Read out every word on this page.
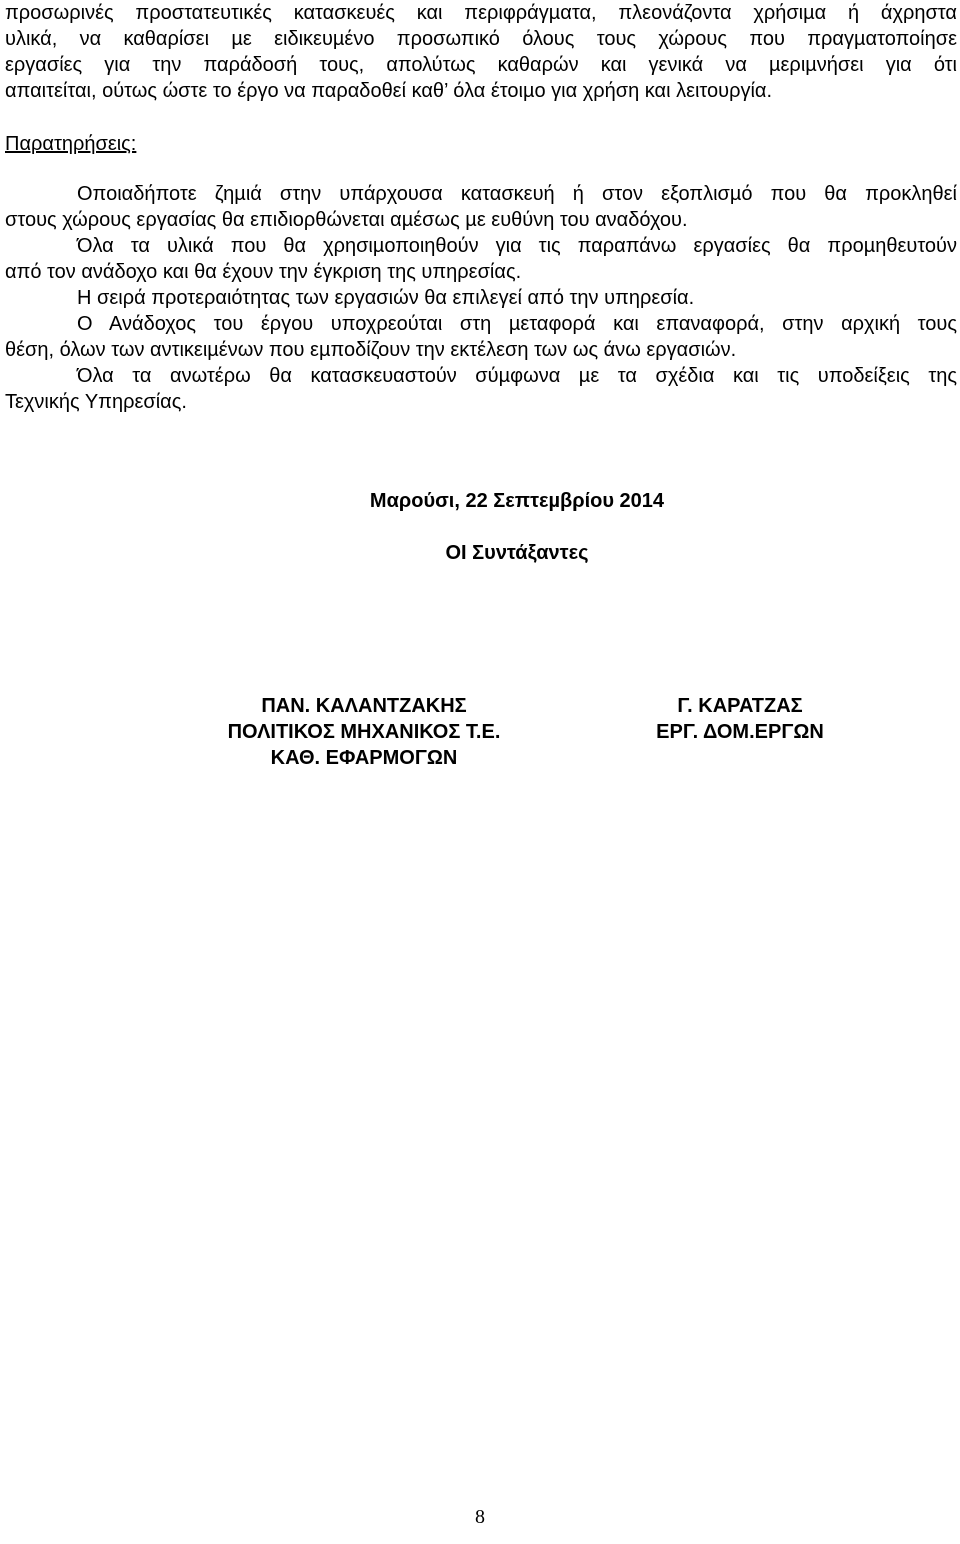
προσωρινές προστατευτικές κατασκευές και περιφράγµατα, πλεονάζοντα χρήσιµα ή άχρηστα
υλικά, να καθαρίσει µε ειδικευµένο προσωπικό όλους τους χώρους που πραγµατοποίησε
εργασίες για την παράδοσή τους, απολύτως καθαρών και γενικά να µεριµνήσει για ότι
απαιτείται, ούτως ώστε το έργο να παραδοθεί καθ’ όλα έτοιµο για χρήση και λειτουργία.
Παρατηρήσεις:

Οποιαδήποτε ζηµιά στην υπάρχουσα κατασκευή ή στον εξοπλισµό που θα προκληθεί
στους χώρους εργασίας θα επιδιορθώνεται αµέσως µε ευθύνη του αναδόχου.

Όλα τα υλικά που θα χρησιµοποιηθούν για τις παραπάνω εργασίες θα προµηθευτούν
από τον ανάδοχο και θα έχουν την έγκριση της υπηρεσίας.

Η σειρά προτεραιότητας των εργασιών θα επιλεγεί από την υπηρεσία.

Ο Ανάδοχος του έργου υποχρεούται στη µεταφορά και επαναφορά, στην αρχική τους
θέση, όλων των αντικειµένων που εµποδίζουν την εκτέλεση των ως άνω εργασιών.

Όλα τα ανωτέρω θα κατασκευαστούν σύµφωνα µε τα σχέδια και τις υποδείξεις της
Τεχνικής Υπηρεσίας.

Μαρούσι, 22 Σεπτεµβρίου 2014
ΟΙ Συντάξαντες
ΠΑΝ. ΚΑΛΑΝΤΖΑΚΗΣ
ΠΟΛΙΤΙΚΟΣ ΜΗΧΑΝΙΚΟΣ Τ.Ε.
ΚΑΘ. ΕΦΑΡΜΟΓΩΝ
Γ. ΚΑΡΑΤΖΑΣ
ΕΡΓ. ΔΟΜ.ΕΡΓΩΝ
8
